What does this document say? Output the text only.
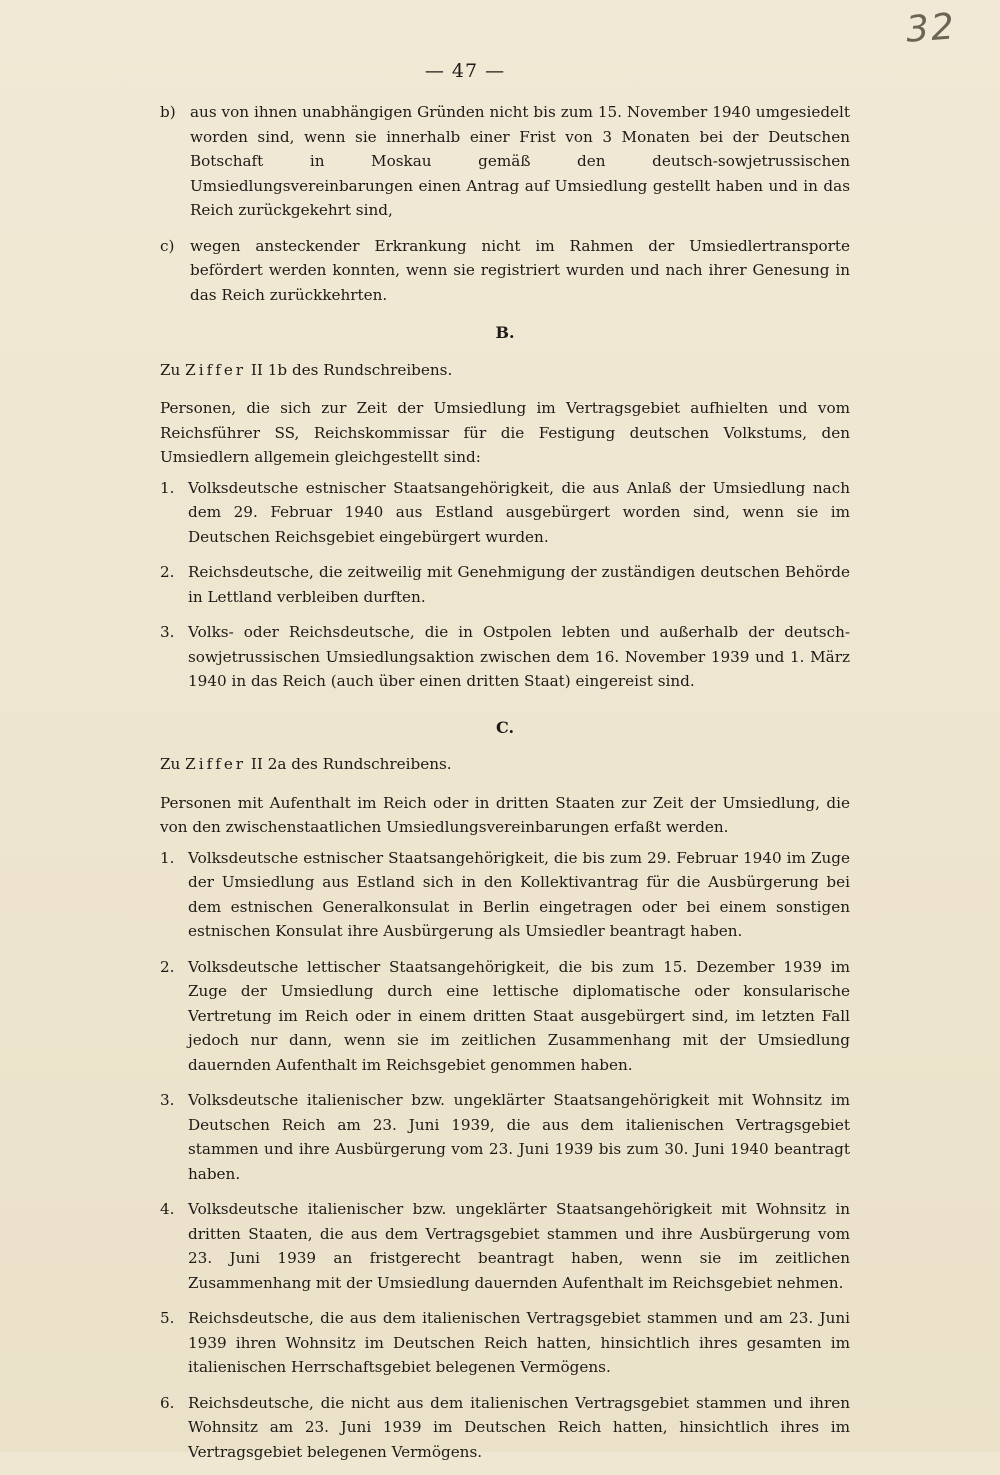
32
— 47 —
b) aus von ihnen unabhängigen Gründen nicht bis zum 15. November 1940 umgesiedelt worden sind, wenn sie innerhalb einer Frist von 3 Monaten bei der Deutschen Botschaft in Moskau gemäß den deutsch-sowjetrussischen Umsiedlungsvereinbarungen einen Antrag auf Umsiedlung gestellt haben und in das Reich zurückgekehrt sind,
c) wegen ansteckender Erkrankung nicht im Rahmen der Umsiedlertransporte befördert werden konnten, wenn sie registriert wurden und nach ihrer Genesung in das Reich zurückkehrten.
B.
Zu Ziffer II 1b des Rundschreibens.
Personen, die sich zur Zeit der Umsiedlung im Vertragsgebiet aufhielten und vom Reichsführer SS, Reichskommissar für die Festigung deutschen Volkstums, den Umsiedlern allgemein gleichgestellt sind:
1. Volksdeutsche estnischer Staatsangehörigkeit, die aus Anlaß der Umsiedlung nach dem 29. Februar 1940 aus Estland ausgebürgert worden sind, wenn sie im Deutschen Reichsgebiet eingebürgert wurden.
2. Reichsdeutsche, die zeitweilig mit Genehmigung der zuständigen deutschen Behörde in Lettland verbleiben durften.
3. Volks- oder Reichsdeutsche, die in Ostpolen lebten und außerhalb der deutsch-sowjetrussischen Umsiedlungsaktion zwischen dem 16. November 1939 und 1. März 1940 in das Reich (auch über einen dritten Staat) eingereist sind.
C.
Zu Ziffer II 2a des Rundschreibens.
Personen mit Aufenthalt im Reich oder in dritten Staaten zur Zeit der Umsiedlung, die von den zwischenstaatlichen Umsiedlungsvereinbarungen erfaßt werden.
1. Volksdeutsche estnischer Staatsangehörigkeit, die bis zum 29. Februar 1940 im Zuge der Umsiedlung aus Estland sich in den Kollektivantrag für die Ausbürgerung bei dem estnischen Generalkonsulat in Berlin eingetragen oder bei einem sonstigen estnischen Konsulat ihre Ausbürgerung als Umsiedler beantragt haben.
2. Volksdeutsche lettischer Staatsangehörigkeit, die bis zum 15. Dezember 1939 im Zuge der Umsiedlung durch eine lettische diplomatische oder konsularische Vertretung im Reich oder in einem dritten Staat ausgebürgert sind, im letzten Fall jedoch nur dann, wenn sie im zeitlichen Zusammenhang mit der Umsiedlung dauernden Aufenthalt im Reichsgebiet genommen haben.
3. Volksdeutsche italienischer bzw. ungeklärter Staatsangehörigkeit mit Wohnsitz im Deutschen Reich am 23. Juni 1939, die aus dem italienischen Vertragsgebiet stammen und ihre Ausbürgerung vom 23. Juni 1939 bis zum 30. Juni 1940 beantragt haben.
4. Volksdeutsche italienischer bzw. ungeklärter Staatsangehörigkeit mit Wohnsitz in dritten Staaten, die aus dem Vertragsgebiet stammen und ihre Ausbürgerung vom 23. Juni 1939 an fristgerecht beantragt haben, wenn sie im zeitlichen Zusammenhang mit der Umsiedlung dauernden Aufenthalt im Reichsgebiet nehmen.
5. Reichsdeutsche, die aus dem italienischen Vertragsgebiet stammen und am 23. Juni 1939 ihren Wohnsitz im Deutschen Reich hatten, hinsichtlich ihres gesamten im italienischen Herrschaftsgebiet belegenen Vermögens.
6. Reichsdeutsche, die nicht aus dem italienischen Vertragsgebiet stammen und ihren Wohnsitz am 23. Juni 1939 im Deutschen Reich hatten, hinsichtlich ihres im Vertragsgebiet belegenen Vermögens.
